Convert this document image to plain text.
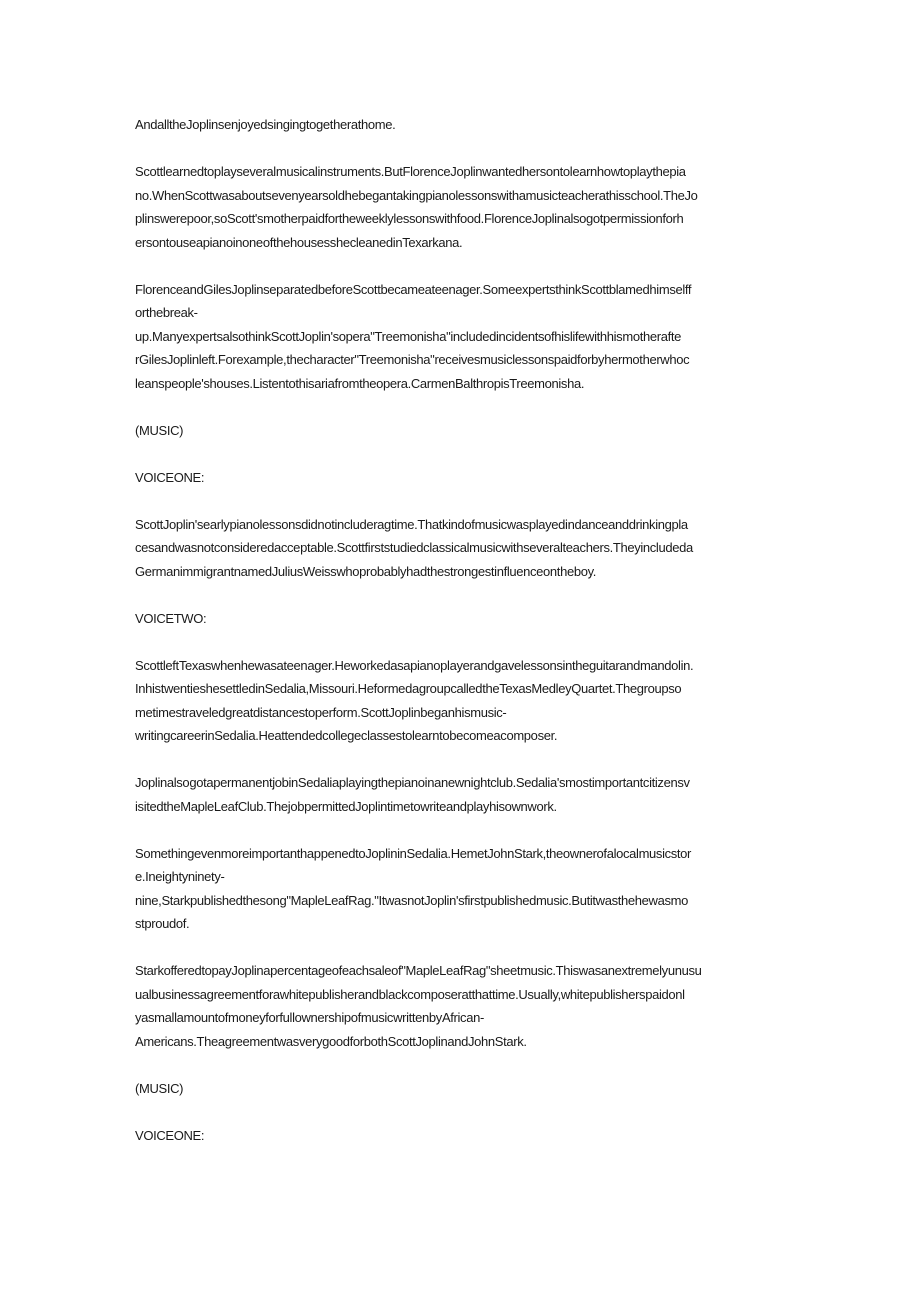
AndalltheJoplinsenjoyedsingingtogetherathome.
Scottlearnedtoplayseveralmusicalinstruments.ButFlorenceJoplinwantedhersontolearnhowtoplaythepia
no.WhenScottwasaboutsevenyearsoldhebegantakingpianolessonswithamusicteacherathisschool.TheJo
plinswerepoor,soScott'smotherpaidfortheweeklylessonswithfood.FlorenceJoplinalsogotpermissionforh
ersontouseapianoinoneofthehousesshecleanedinTexarkana.
FlorenceandGilesJoplinseparatedbeforeScottbecameateenager.SomeexpertsthinkScottblamedhimselff
orthebreak-
up.ManyexpertsalsothinkScottJoplin'sopera"Treemonisha"includedincidentsofhislifewithhismotherafte
rGilesJoplinleft.Forexample,thecharacter"Treemonisha"receivesmusiclessonspaidforbyhermotherwhoc
leanspeople'shouses.Listentothisariafromtheopera.CarmenBalthropisTreemonisha.
(MUSIC)
VOICEONE:
ScottJoplin'searlypianolessonsdidnotincluderagtime.Thatkindofmusicwasplayedindanceanddrinkingpla
cesandwasnotconsideredacceptable.Scottfirststudiedclassicalmusicwithseveralteachers.Theyincludeda
GermanimmigrantnamedJuliusWeisswhoprobablyhadthestrongestinfluenceontheboy.
VOICETWO:
ScottleftTexaswhenhewasateenager.Heworkedasapianoplayerandgavelessonsintheguitarandmandolin.
InhistwentieshesettledinSedalia,Missouri.HeformedagroupcalledtheTexasMedleyQuartet.Thegroupso
metimestraveledgreatdistancestoperform.ScottJoplinbeganhismusic-
writingcareerinSedalia.Heattendedcollegeclassestolearntobecomeacomposer.
JoplinalsogotapermanentjobinSedaliaplayingthepianoinanewnightclub.Sedalia'smostimportantcitizensv
isitedtheMapleLeafClub.ThejobpermittedJoplintimetowriteandplayhisownwork.
SomethingevenmoreimportanthappenedtoJoplininSedalia.HemetJohnStark,theownerofalocalmusicstor
e.Ineightyninety-
nine,Starkpublishedthesong"MapleLeafRag."ItwasnotJoplin'sfirstpublishedmusic.Butitwasthehewasmo
stproudof.
StarkofferedtopayJoplinapercentageofeachsaleof"MapleLeafRag"sheetmusic.Thiswasanextremelyunusu
ualbusinessagreementforawhitepublisherandblackcomposeratthattime.Usually,whitepublisherspaidonl
yasmallamountofmoneyforfullownershipofmusicwrittenbyAfrican-
Americans.TheagreementwasverygoodforbothScottJoplinandJohnStark.
(MUSIC)
VOICEONE:
